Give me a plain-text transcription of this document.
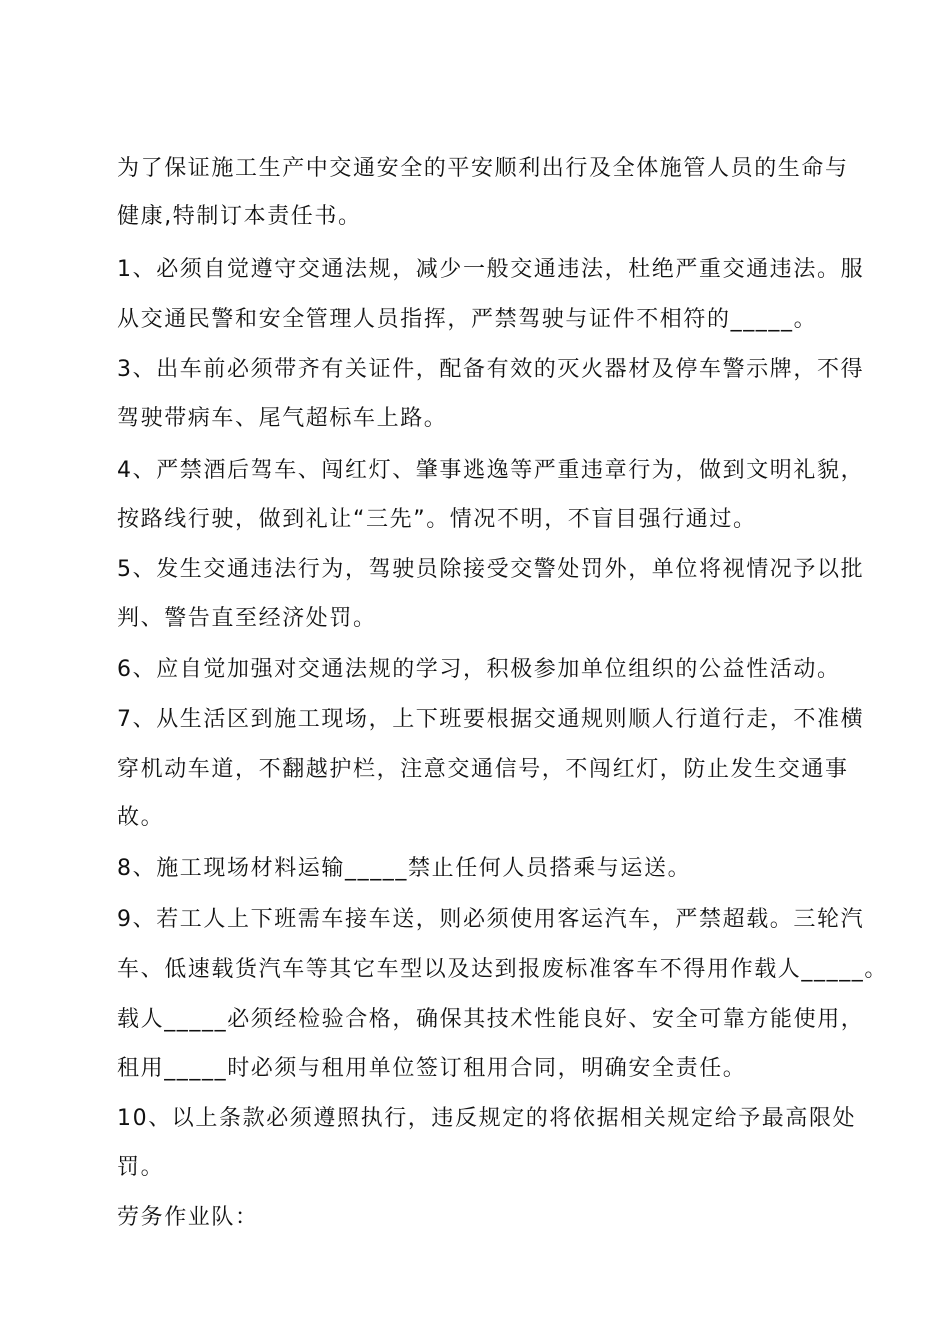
为了保证施工生产中交通安全的平安顺利出行及全体施管人员的生命与
健康,特制订本责任书。
1、必须自觉遵守交通法规，减少一般交通违法，杜绝严重交通违法。服
从交通民警和安全管理人员指挥，严禁驾驶与证件不相符的_____。
3、出车前必须带齐有关证件，配备有效的灭火器材及停车警示牌，不得
驾驶带病车、尾气超标车上路。
4、严禁酒后驾车、闯红灯、肇事逃逸等严重违章行为，做到文明礼貌，
按路线行驶，做到礼让“三先”。情况不明，不盲目强行通过。
5、发生交通违法行为，驾驶员除接受交警处罚外，单位将视情况予以批
判、警告直至经济处罚。
6、应自觉加强对交通法规的学习，积极参加单位组织的公益性活动。
7、从生活区到施工现场，上下班要根据交通规则顺人行道行走，不准横
穿机动车道，不翻越护栏，注意交通信号，不闯红灯，防止发生交通事
故。
8、施工现场材料运输_____禁止任何人员搭乘与运送。
9、若工人上下班需车接车送，则必须使用客运汽车，严禁超载。三轮汽
车、低速载货汽车等其它车型以及达到报废标准客车不得用作载人_____。
载人_____必须经检验合格，确保其技术性能良好、安全可靠方能使用，
租用_____时必须与租用单位签订租用合同，明确安全责任。
10、以上条款必须遵照执行，违反规定的将依据相关规定给予最高限处
罚。
劳务作业队：
